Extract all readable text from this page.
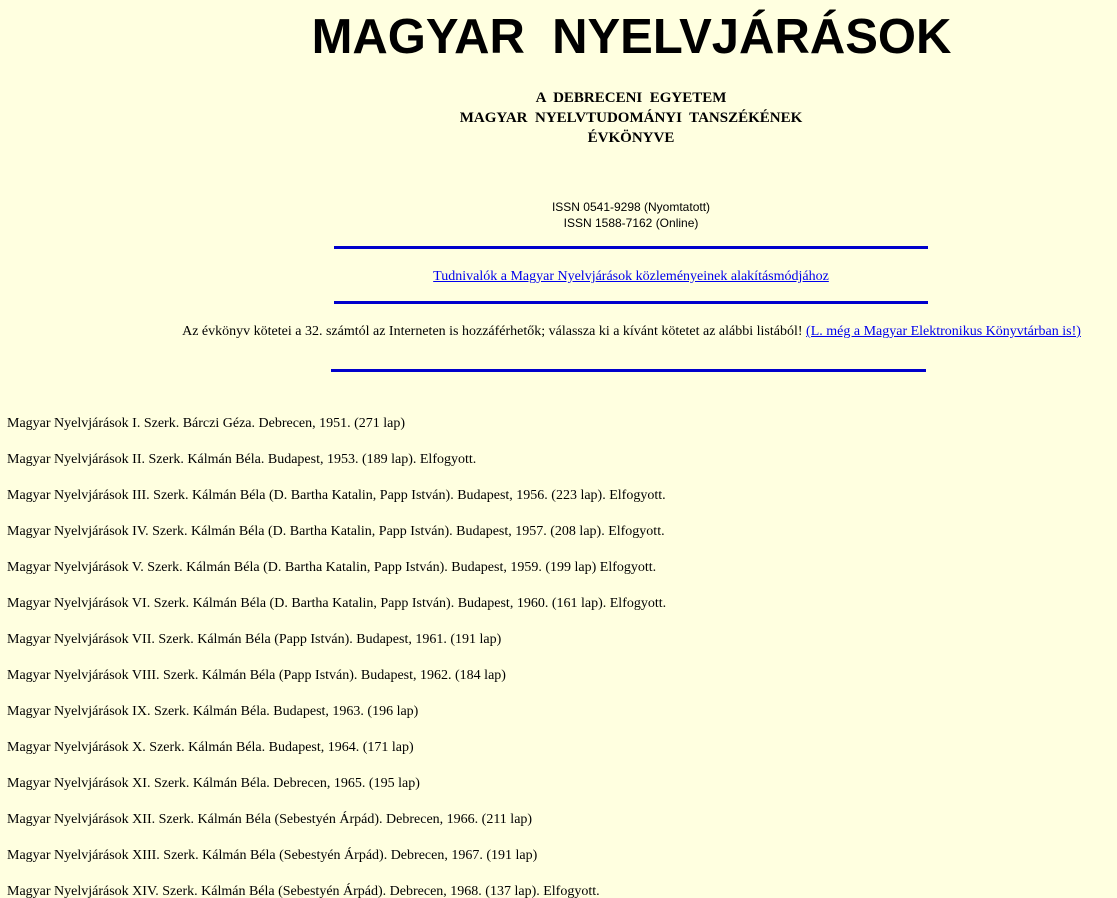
MAGYAR  NYELVJÁRÁSOK
A  DEBRECENI  EGYETEM
MAGYAR  NYELVTUDOMÁNYI  TANSZÉKÉNEK
ÉVKÖNYVE
ISSN 0541-9298 (Nyomtatott)
ISSN 1588-7162 (Online)
Tudnivalók a Magyar Nyelvjárások közleményeinek alakításmódjához
Az évkönyv kötetei a 32. számtól az Interneten is hozzáférhetők; válassza ki a kívánt kötetet az alábbi listából! (L. még a Magyar Elektronikus Könyvtárban is!)
Magyar Nyelvjárások I. Szerk. Bárczi Géza. Debrecen, 1951. (271 lap)
Magyar Nyelvjárások II. Szerk. Kálmán Béla. Budapest, 1953. (189 lap). Elfogyott.
Magyar Nyelvjárások III. Szerk. Kálmán Béla (D. Bartha Katalin, Papp István). Budapest, 1956. (223 lap). Elfogyott.
Magyar Nyelvjárások IV. Szerk. Kálmán Béla (D. Bartha Katalin, Papp István). Budapest, 1957. (208 lap). Elfogyott.
Magyar Nyelvjárások V. Szerk. Kálmán Béla (D. Bartha Katalin, Papp István). Budapest, 1959. (199 lap) Elfogyott.
Magyar Nyelvjárások VI. Szerk. Kálmán Béla (D. Bartha Katalin, Papp István). Budapest, 1960. (161 lap). Elfogyott.
Magyar Nyelvjárások VII. Szerk. Kálmán Béla (Papp István). Budapest, 1961. (191 lap)
Magyar Nyelvjárások VIII. Szerk. Kálmán Béla (Papp István). Budapest, 1962. (184 lap)
Magyar Nyelvjárások IX. Szerk. Kálmán Béla. Budapest, 1963. (196 lap)
Magyar Nyelvjárások X. Szerk. Kálmán Béla. Budapest, 1964. (171 lap)
Magyar Nyelvjárások XI. Szerk. Kálmán Béla. Debrecen, 1965. (195 lap)
Magyar Nyelvjárások XII. Szerk. Kálmán Béla (Sebestyén Árpád). Debrecen, 1966. (211 lap)
Magyar Nyelvjárások XIII. Szerk. Kálmán Béla (Sebestyén Árpád). Debrecen, 1967. (191 lap)
Magyar Nyelvjárások XIV. Szerk. Kálmán Béla (Sebestyén Árpád). Debrecen, 1968. (137 lap). Elfogyott.
